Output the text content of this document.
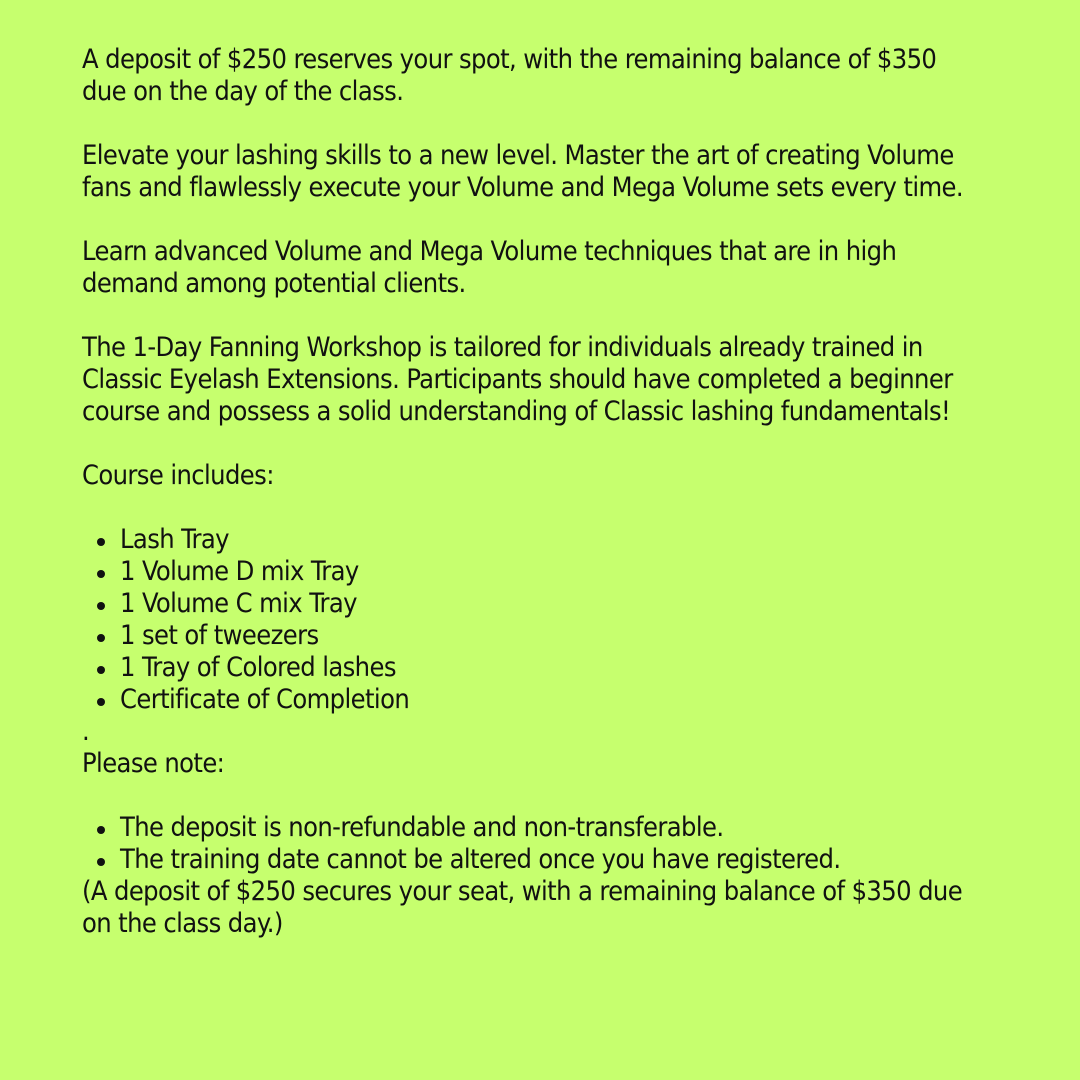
A deposit of $250 reserves your spot, with the remaining balance of $350 due on the day of the class.

Elevate your lashing skills to a new level. Master the art of creating Volume fans and flawlessly execute your Volume and Mega Volume sets every time.

Learn advanced Volume and Mega Volume techniques that are in high demand among potential clients.

The 1-Day Fanning Workshop is tailored for individuals already trained in Classic Eyelash Extensions. Participants should have completed a beginner course and possess a solid understanding of Classic lashing fundamentals!

Course includes:

Lash Tray
1 Volume D mix Tray
1 Volume C mix Tray
1 set of tweezers
1 Tray of Colored lashes
Certificate of Completion
.

Please note:

The deposit is non-refundable and non-transferable.
The training date cannot be altered once you have registered.

(A deposit of $250 secures your seat, with a remaining balance of $350 due on the class day.)
